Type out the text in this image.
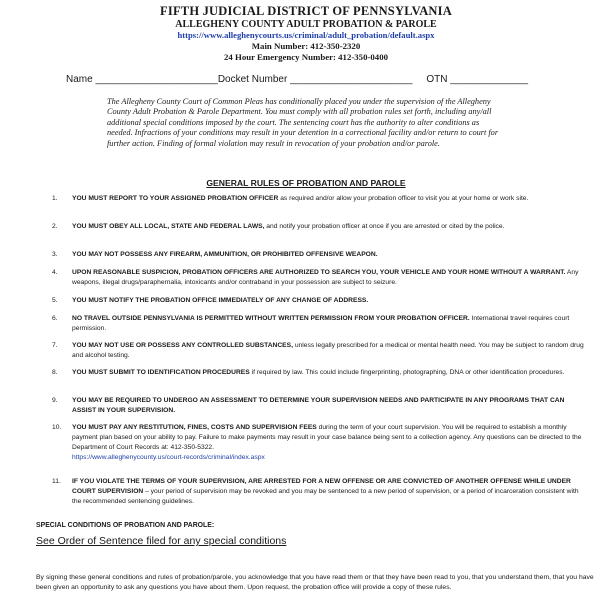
FIFTH JUDICIAL DISTRICT OF PENNSYLVANIA
ALLEGHENY COUNTY ADULT PROBATION & PAROLE
https://www.alleghenycourts.us/criminal/adult_probation/default.aspx
Main Number: 412-350-2320
24 Hour Emergency Number: 412-350-0400
Name ______________________Docket Number ______________________ OTN ______________
The Allegheny County Court of Common Pleas has conditionally placed you under the supervision of the Allegheny County Adult Probation & Parole Department. You must comply with all probation rules set forth, including any/all additional special conditions imposed by the court. The sentencing court has the authority to alter conditions as needed. Infractions of your conditions may result in your detention in a correctional facility and/or return to court for further action. Finding of formal violation may result in revocation of your probation and/or parole.
GENERAL RULES OF PROBATION AND PAROLE
1. YOU MUST REPORT TO YOUR ASSIGNED PROBATION OFFICER as required and/or allow your probation officer to visit you at your home or work site.
2. YOU MUST OBEY ALL LOCAL, STATE AND FEDERAL LAWS, and notify your probation officer at once if you are arrested or cited by the police.
3. YOU MAY NOT POSSESS ANY FIREARM, AMMUNITION, OR PROHIBITED OFFENSIVE WEAPON.
4. UPON REASONABLE SUSPICION, PROBATION OFFICERS ARE AUTHORIZED TO SEARCH YOU, YOUR VEHICLE AND YOUR HOME WITHOUT A WARRANT. Any weapons, illegal drugs/paraphernalia, intoxicants and/or contraband in your possession are subject to seizure.
5. YOU MUST NOTIFY THE PROBATION OFFICE IMMEDIATELY OF ANY CHANGE OF ADDRESS.
6. NO TRAVEL OUTSIDE PENNSYLVANIA IS PERMITTED WITHOUT WRITTEN PERMISSION FROM YOUR PROBATION OFFICER. International travel requires court permission.
7. YOU MAY NOT USE OR POSSESS ANY CONTROLLED SUBSTANCES, unless legally prescribed for a medical or mental health need. You may be subject to random drug and alcohol testing.
8. YOU MUST SUBMIT TO IDENTIFICATION PROCEDURES if required by law. This could include fingerprinting, photographing, DNA or other identification procedures.
9. YOU MAY BE REQUIRED TO UNDERGO AN ASSESSMENT TO DETERMINE YOUR SUPERVISION NEEDS AND PARTICIPATE IN ANY PROGRAMS THAT CAN ASSIST IN YOUR SUPERVISION.
10. YOU MUST PAY ANY RESTITUTION, FINES, COSTS AND SUPERVISION FEES during the term of your court supervision. You will be required to establish a monthly payment plan based on your ability to pay. Failure to make payments may result in your case balance being sent to a collection agency. Any questions can be directed to the Department of Court Records at: 412-350-5322.
https://www.alleghenycounty.us/court-records/criminal/index.aspx
11. IF YOU VIOLATE THE TERMS OF YOUR SUPERVISION, ARE ARRESTED FOR A NEW OFFENSE OR ARE CONVICTED OF ANOTHER OFFENSE WHILE UNDER COURT SUPERVISION – your period of supervision may be revoked and you may be sentenced to a new period of supervision, or a period of incarceration consistent with the recommended sentencing guidelines.
SPECIAL CONDITIONS OF PROBATION AND PAROLE:
See Order of Sentence filed for any special conditions
By signing these general conditions and rules of probation/parole, you acknowledge that you have read them or that they have been read to you, that you understand them, that you have been given an opportunity to ask any questions you have about them. Upon request, the probation office will provide a copy of these rules.
